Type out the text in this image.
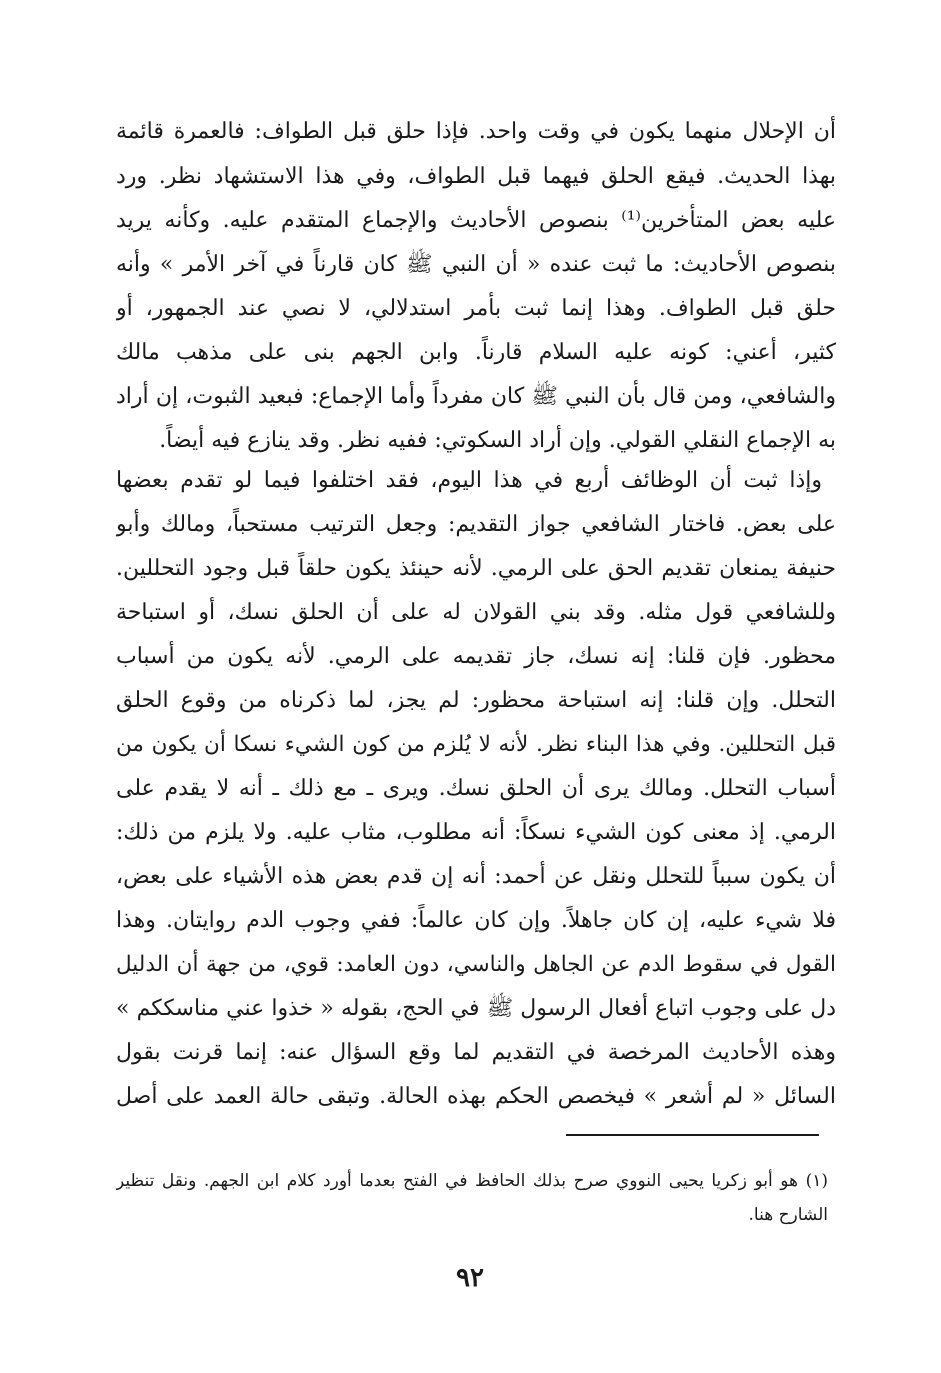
أن الإحلال منهما يكون في وقت واحد. فإذا حلق قبل الطواف: فالعمرة قائمة
بهذا الحديث. فيقع الحلق فيهما قبل الطواف، وفي هذا الاستشهاد نظر. ورد
عليه بعض المتأخرين⁽¹⁾ بنصوص الأحاديث والإجماع المتقدم عليه. وكأنه يريد
بنصوص الأحاديث: ما ثبت عنده « أن النبي ﷺ كان قارناً في آخر الأمر » وأنه
حلق قبل الطواف. وهذا إنما ثبت بأمر استدلالي، لا نصي عند الجمهور، أو
كثير، أعني: كونه عليه السلام قارناً. وابن الجهم بنى على مذهب مالك
والشافعي، ومن قال بأن النبي ﷺ كان مفرداً وأما الإجماع: فبعيد الثبوت، إن أراد
به الإجماع النقلي القولي. وإن أراد السكوتي: ففيه نظر. وقد ينازع فيه أيضاً.
وإذا ثبت أن الوظائف أربع في هذا اليوم، فقد اختلفوا فيما لو تقدم بعضها
على بعض. فاختار الشافعي جواز التقديم: وجعل الترتيب مستحباً، ومالك وأبو
حنيفة يمنعان تقديم الحق على الرمي. لأنه حينئذ يكون حلقاً قبل وجود التحللين.
وللشافعي قول مثله. وقد بني القولان له على أن الحلق نسك، أو استباحة
محظور. فإن قلنا: إنه نسك، جاز تقديمه على الرمي. لأنه يكون من أسباب
التحلل. وإن قلنا: إنه استباحة محظور: لم يجز، لما ذكرناه من وقوع الحلق
قبل التحللين. وفي هذا البناء نظر. لأنه لا يُلزم من كون الشيء نسكا أن يكون من
أسباب التحلل. ومالك يرى أن الحلق نسك. ويرى ـ مع ذلك ـ أنه لا يقدم على
الرمي. إذ معنى كون الشيء نسكاً: أنه مطلوب، مثاب عليه. ولا يلزم من ذلك:
أن يكون سبباً للتحلل ونقل عن أحمد: أنه إن قدم بعض هذه الأشياء على بعض،
فلا شيء عليه، إن كان جاهلاً. وإن كان عالماً: ففي وجوب الدم روايتان. وهذا
القول في سقوط الدم عن الجاهل والناسي، دون العامد: قوي، من جهة أن الدليل
دل على وجوب اتباع أفعال الرسول ﷺ في الحج، بقوله « خذوا عني مناسككم »
وهذه الأحاديث المرخصة في التقديم لما وقع السؤال عنه: إنما قرنت بقول
السائل « لم أشعر » فيخصص الحكم بهذه الحالة. وتبقى حالة العمد على أصل
(١) هو أبو زكريا يحيى النووي صرح بذلك الحافظ في الفتح بعدما أورد كلام ابن الجهم. ونقل تنظير
الشارح هنا.
٩٢
